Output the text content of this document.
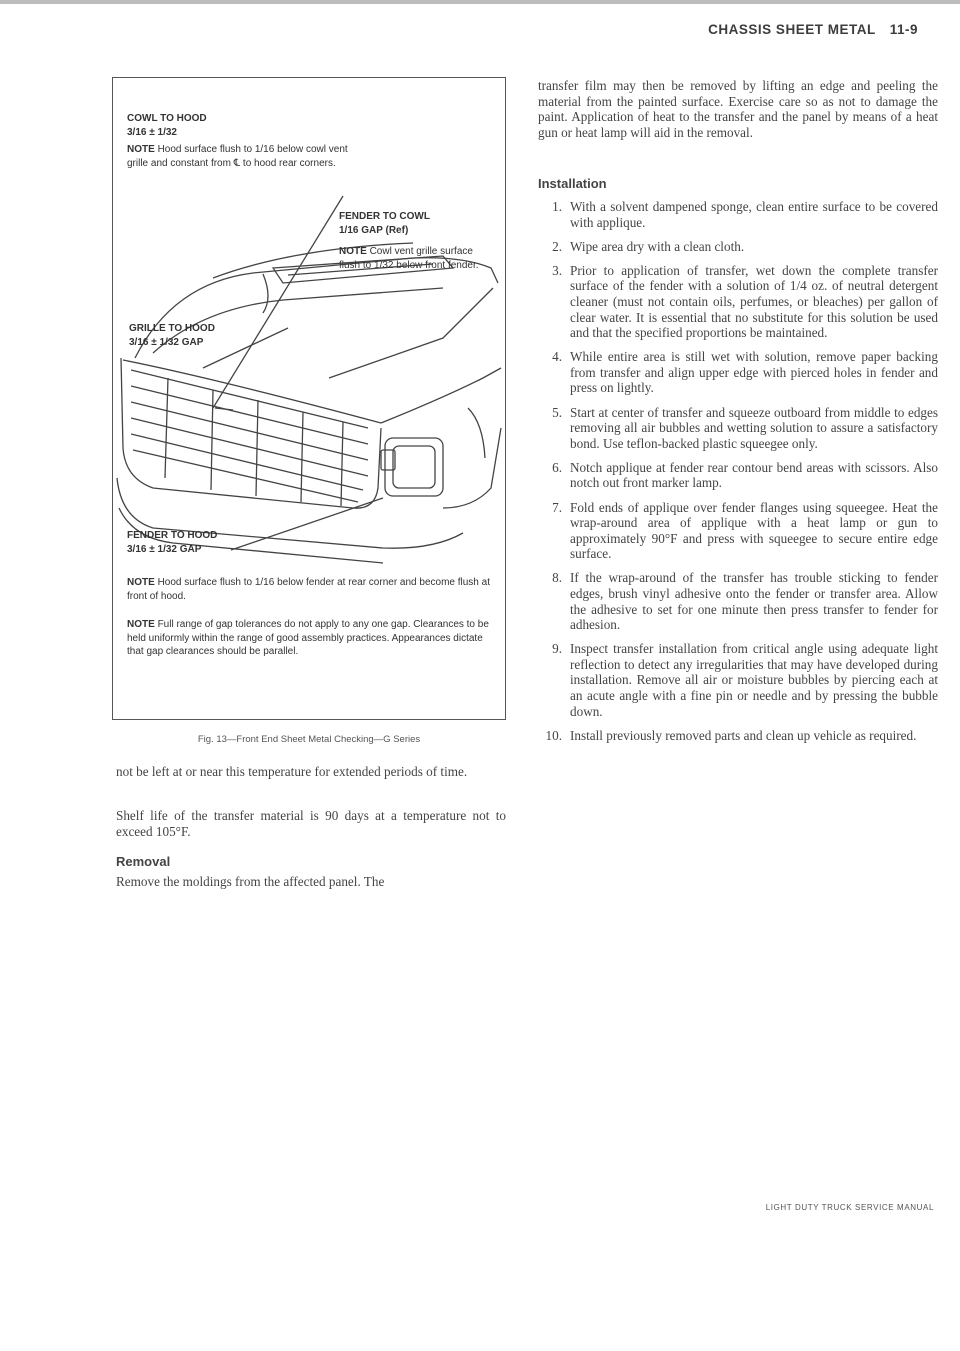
CHASSIS SHEET METAL 11-9
COWL TO HOOD
3/16 ± 1/32
NOTE Hood surface flush to 1/16 below cowl vent grille and constant from ℄ to hood rear corners.
FENDER TO COWL
1/16 GAP (Ref)
NOTE Cowl vent grille surface flush to 1/32 below front fender.
GRILLE TO HOOD
3/16 ± 1/32 GAP
FENDER TO HOOD
3/16 ± 1/32 GAP
NOTE Hood surface flush to 1/16 below fender at rear corner and become flush at front of hood.
NOTE Full range of gap tolerances do not apply to any one gap. Clearances to be held uniformly within the range of good assembly practices. Appearances dictate that gap clearances should be parallel.
Fig. 13—Front End Sheet Metal Checking—G Series
not be left at or near this temperature for extended periods of time.
Shelf life of the transfer material is 90 days at a temperature not to exceed 105°F.
Removal
Remove the moldings from the affected panel. The
transfer film may then be removed by lifting an edge and peeling the material from the painted surface. Exercise care so as not to damage the paint. Application of heat to the transfer and the panel by means of a heat gun or heat lamp will aid in the removal.
Installation
1. With a solvent dampened sponge, clean entire surface to be covered with applique.
2. Wipe area dry with a clean cloth.
3. Prior to application of transfer, wet down the complete transfer surface of the fender with a solution of 1/4 oz. of neutral detergent cleaner (must not contain oils, perfumes, or bleaches) per gallon of clear water. It is essential that no substitute for this solution be used and that the specified proportions be maintained.
4. While entire area is still wet with solution, remove paper backing from transfer and align upper edge with pierced holes in fender and press on lightly.
5. Start at center of transfer and squeeze outboard from middle to edges removing all air bubbles and wetting solution to assure a satisfactory bond. Use teflon-backed plastic squeegee only.
6. Notch applique at fender rear contour bend areas with scissors. Also notch out front marker lamp.
7. Fold ends of applique over fender flanges using squeegee. Heat the wrap-around area of applique with a heat lamp or gun to approximately 90°F and press with squeegee to secure entire edge surface.
8. If the wrap-around of the transfer has trouble sticking to fender edges, brush vinyl adhesive onto the fender or transfer area. Allow the adhesive to set for one minute then press transfer to fender for adhesion.
9. Inspect transfer installation from critical angle using adequate light reflection to detect any irregularities that may have developed during installation. Remove all air or moisture bubbles by piercing each at an acute angle with a fine pin or needle and by pressing the bubble down.
10. Install previously removed parts and clean up vehicle as required.
LIGHT DUTY TRUCK SERVICE MANUAL
